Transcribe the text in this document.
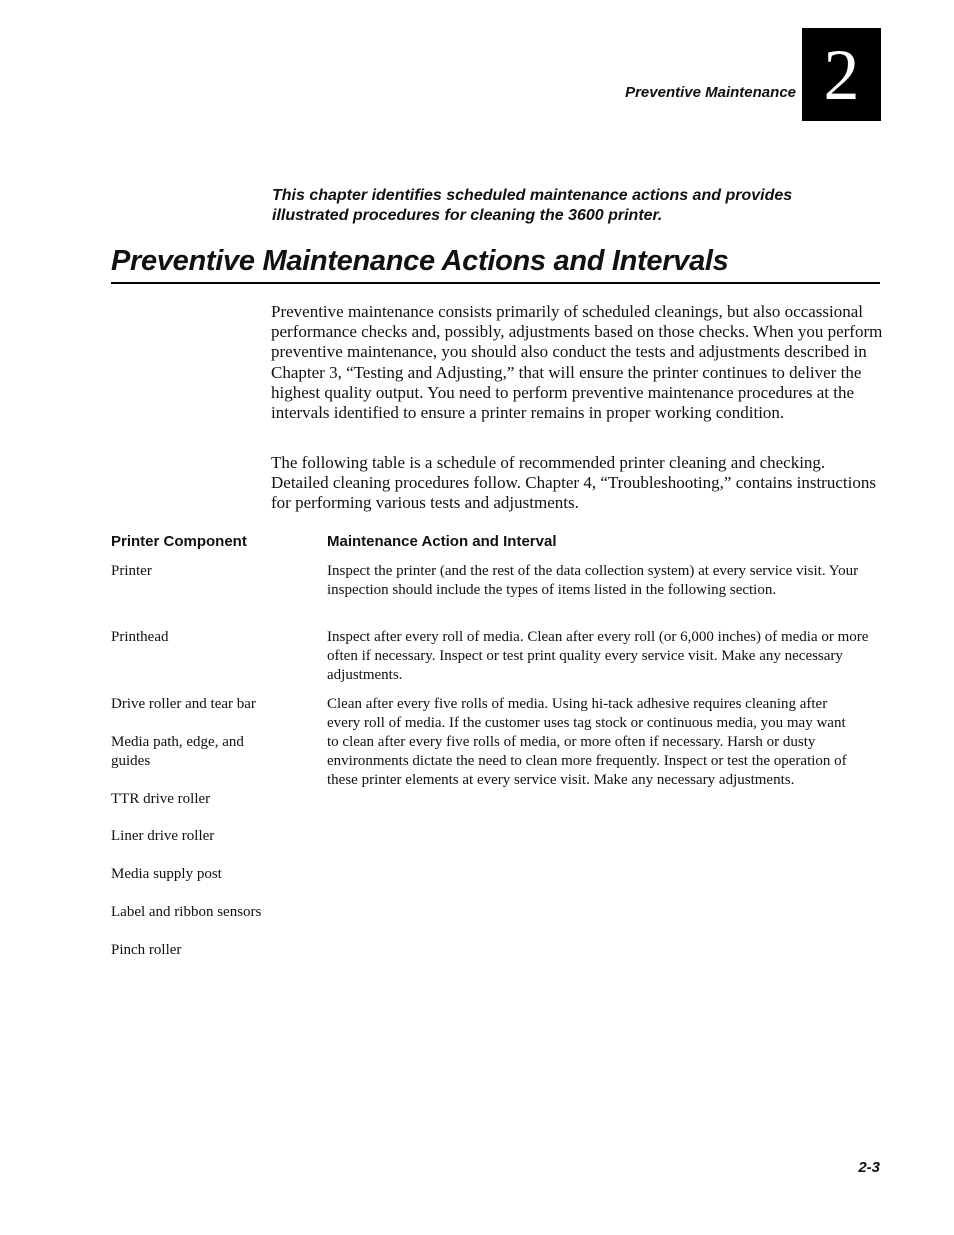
Preventive Maintenance 2
This chapter identifies scheduled maintenance actions and provides illustrated procedures for cleaning the 3600 printer.
Preventive Maintenance Actions and Intervals

Preventive maintenance consists primarily of scheduled cleanings, but also occassional performance checks and, possibly, adjustments based on those checks. When you perform preventive maintenance, you should also conduct the tests and adjustments described in Chapter 3, “Testing and Adjusting,” that will ensure the printer continues to deliver the highest quality output. You need to perform preventive maintenance procedures at the intervals identified to ensure a printer remains in proper working condition.

The following table is a schedule of recommended printer cleaning and checking. Detailed cleaning procedures follow. Chapter 4, “Troubleshooting,” contains instructions for performing various tests and adjustments.

Printer Component	Maintenance Action and Interval
Printer	Inspect the printer (and the rest of the data collection system) at every service visit. Your inspection should include the types of items listed in the following section.
Printhead	Inspect after every roll of media. Clean after every roll (or 6,000 inches) of media or more often if necessary. Inspect or test print quality every service visit. Make any necessary adjustments.
Drive roller and tear bar	Clean after every five rolls of media. Using hi-tack adhesive requires cleaning after every roll of media. If the customer uses tag stock or continuous media, you may want to clean after every five rolls of media, or more often if necessary. Harsh or dusty environments dictate the need to clean more frequently. Inspect or test the operation of these printer elements at every service visit. Make any necessary adjustments.
Media path, edge, and guides
TTR drive roller
Liner drive roller
Media supply post
Label and ribbon sensors
Pinch roller
2-3
